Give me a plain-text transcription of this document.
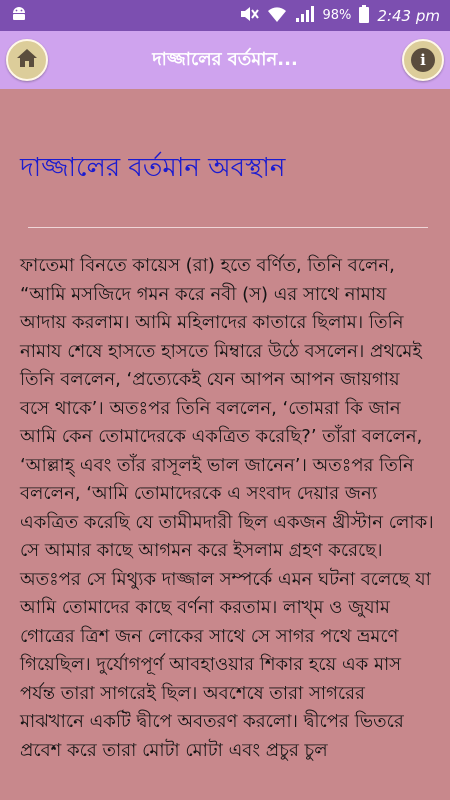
98% 2:43 pm
দাজ্জালের বর্তমান...	i
দাজ্জালের বর্তমান অবস্থান
ফাতেমা বিনতে কায়েস (রা) হতে বর্ণিত, তিনি বলেন, “আমি মসজিদে গমন করে নবী (স) এর সাথে নামায আদায় করলাম। আমি মহিলাদের কাতারে ছিলাম। তিনি নামায শেষে হাসতে হাসতে মিম্বারে উঠে বসলেন। প্রথমেই তিনি বললেন, ‘প্রত্যেকেই যেন আপন আপন জায়গায় বসে থাকে’। অতঃপর তিনি বললেন, ‘তোমরা কি জান আমি কেন তোমাদেরকে একত্রিত করেছি?’ তাঁরা বললেন, ‘আল্লাহ্‌ এবং তাঁর রাসূলই ভাল জানেন’। অতঃপর তিনি বললেন, ‘আমি তোমাদেরকে এ সংবাদ দেয়ার জন্য একত্রিত করেছি যে তামীমদারী ছিল একজন খ্রীস্টান লোক। সে আমার কাছে আগমন করে ইসলাম গ্রহণ করেছে। অতঃপর সে মিথ্যুক দাজ্জাল সম্পর্কে এমন ঘটনা বলেছে যা আমি তোমাদের কাছে বর্ণনা করতাম। লাখ্‌ম ও জুযাম গোত্রের ত্রিশ জন লোকের সাথে সে সাগর পথে ভ্রমণে গিয়েছিল। দুর্যোগপূর্ণ আবহাওয়ার শিকার হয়ে এক মাস পর্যন্ত তারা সাগরেই ছিল। অবশেষে তারা সাগরের মাঝখানে একটি দ্বীপে অবতরণ করলো। দ্বীপের ভিতরে প্রবেশ করে তারা মোটা মোটা এবং প্রচুর চুল
